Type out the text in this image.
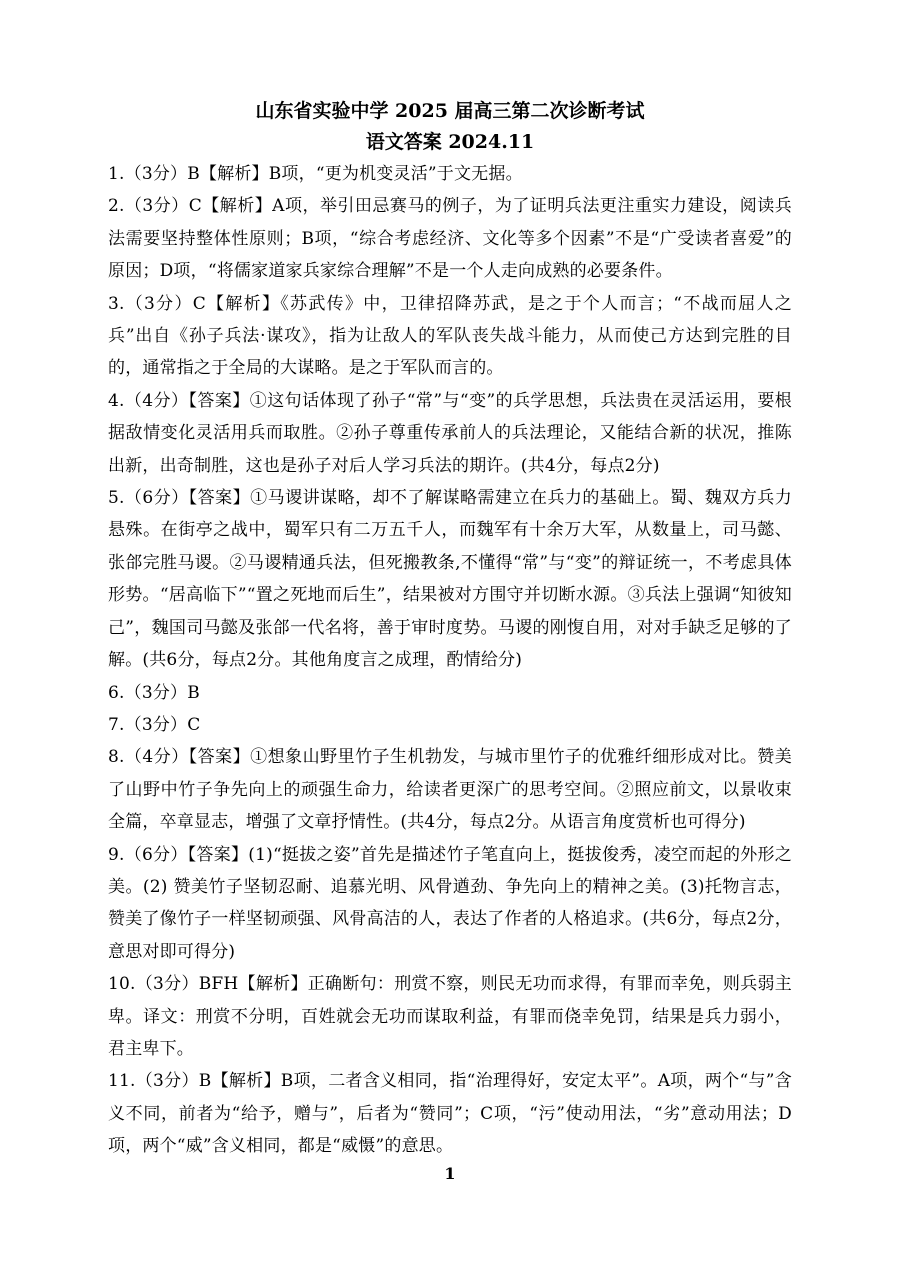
山东省实验中学 2025 届高三第二次诊断考试
语文答案 2024.11

1.（3分）B【解析】B项，“更为机变灵活”于文无据。

2.（3分）C【解析】A项，举引田忌赛马的例子，为了证明兵法更注重实力建设，阅读兵法需要坚持整体性原则；B项，“综合考虑经济、文化等多个因素”不是“广受读者喜爱”的原因；D项，“将儒家道家兵家综合理解”不是一个人走向成熟的必要条件。

3.（3分）C【解析】《苏武传》中，卫律招降苏武，是之于个人而言；“不战而屈人之兵”出自《孙子兵法·谋攻》，指为让敌人的军队丧失战斗能力，从而使己方达到完胜的目的，通常指之于全局的大谋略。是之于军队而言的。

4.（4分）【答案】①这句话体现了孙子“常”与“变”的兵学思想，兵法贵在灵活运用，要根据敌情变化灵活用兵而取胜。②孙子尊重传承前人的兵法理论，又能结合新的状况，推陈出新，出奇制胜，这也是孙子对后人学习兵法的期许。(共4分，每点2分)

5.（6分）【答案】①马谡讲谋略，却不了解谋略需建立在兵力的基础上。蜀、魏双方兵力悬殊。在街亭之战中，蜀军只有二万五千人，而魏军有十余万大军，从数量上，司马懿、张郃完胜马谡。②马谡精通兵法，但死搬教条,不懂得“常”与“变”的辩证统一，不考虑具体形势。“居高临下”“置之死地而后生”，结果被对方围守并切断水源。③兵法上强调“知彼知己”，魏国司马懿及张郃一代名将，善于审时度势。马谡的刚愎自用，对对手缺乏足够的了解。(共6分，每点2分。其他角度言之成理，酌情给分)

6.（3分）B

7.（3分）C

8.（4分）【答案】①想象山野里竹子生机勃发，与城市里竹子的优雅纤细形成对比。赞美了山野中竹子争先向上的顽强生命力，给读者更深广的思考空间。②照应前文，以景收束全篇，卒章显志，增强了文章抒情性。(共4分，每点2分。从语言角度赏析也可得分)

9.（6分）【答案】(1)“挺拔之姿”首先是描述竹子笔直向上，挺拔俊秀，凌空而起的外形之美。(2) 赞美竹子坚韧忍耐、追慕光明、风骨遒劲、争先向上的精神之美。(3)托物言志，赞美了像竹子一样坚韧顽强、风骨高洁的人，表达了作者的人格追求。(共6分，每点2分，意思对即可得分)

10.（3分）BFH【解析】正确断句：刑赏不察，则民无功而求得，有罪而幸免，则兵弱主卑。译文：刑赏不分明，百姓就会无功而谋取利益，有罪而侥幸免罚，结果是兵力弱小，君主卑下。

11.（3分）B【解析】B项，二者含义相同，指“治理得好，安定太平”。A项，两个“与”含义不同，前者为“给予，赠与”，后者为“赞同”；C项，“污”使动用法，“劣”意动用法；D项，两个“威”含义相同，都是“威慑”的意思。

1
